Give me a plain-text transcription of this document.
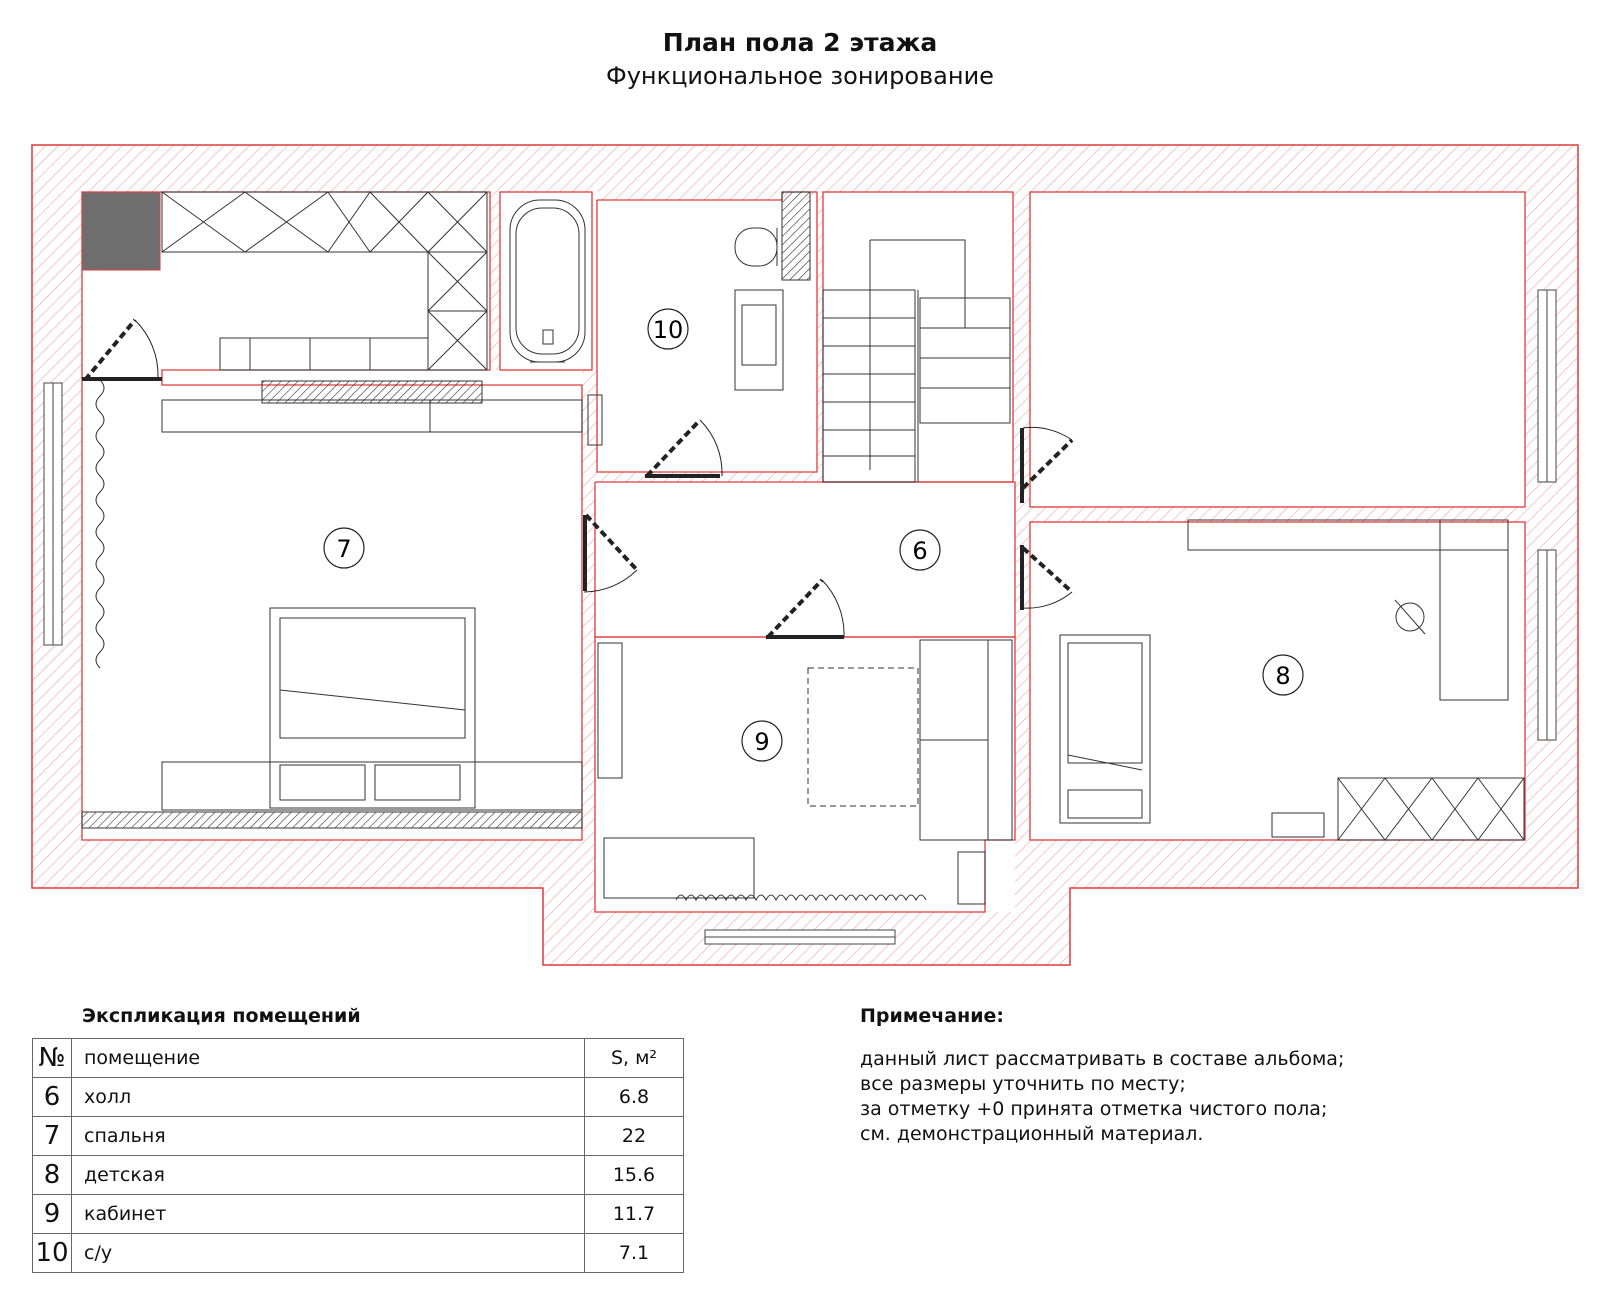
План пола 2 этажа
Функциональное зонирование
6
7
8
9
10
Экспликация помещений
№	помещение	S, м²
6	холл	6.8
7	спальня	22
8	детская	15.6
9	кабинет	11.7
10	с/у	7.1
Примечание:
данный лист рассматривать в составе альбома;
все размеры уточнить по месту;
за отметку +0 принята отметка чистого пола;
см. демонстрационный материал.
